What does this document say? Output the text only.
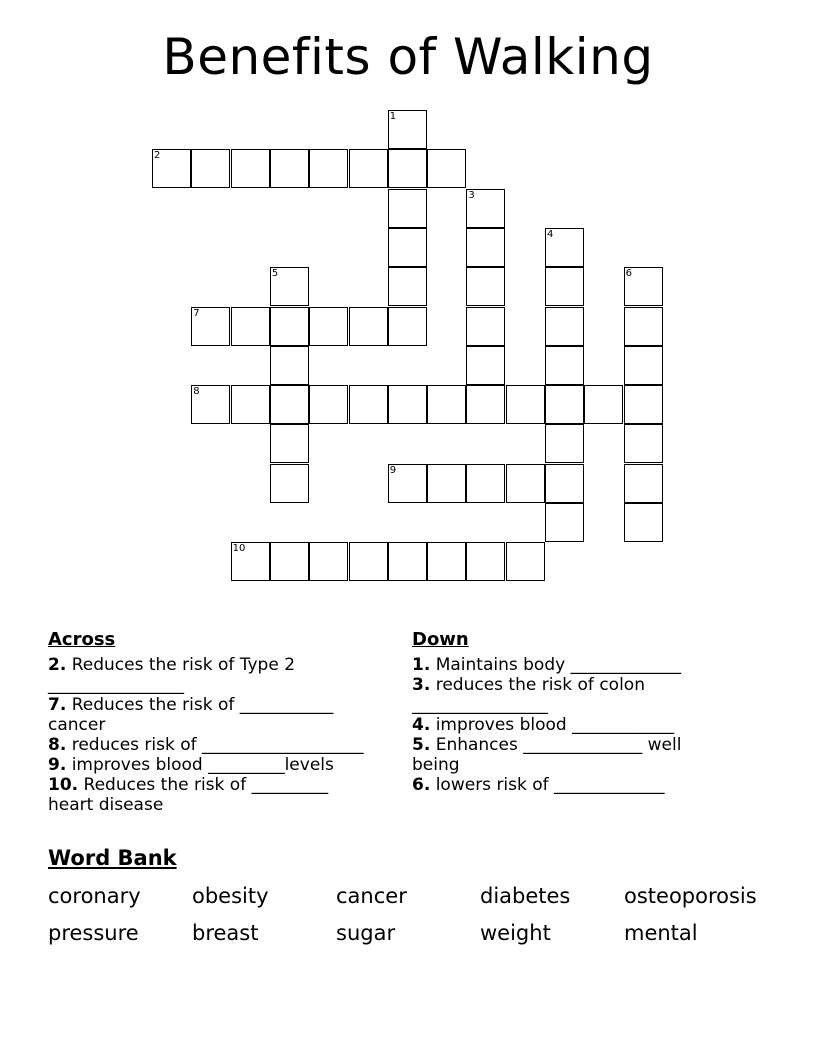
Benefits of Walking
2
7
8
9
10
1
3
4
5	6
Across	Down

2. Reduces the risk of Type 2 ________________

7. Reduces the risk of ___________ cancer

8. reduces risk of ___________________

9. improves blood _________levels

10. Reduces the risk of _________ heart disease

1. Maintains body _____________

3. reduces the risk of colon ________________

4. improves blood ____________

5. Enhances ______________ well being

6. lowers risk of _____________

Word Bank
coronary obesity	cancer	diabetes	osteoporosis
pressure	breast	sugar	weight	mental
